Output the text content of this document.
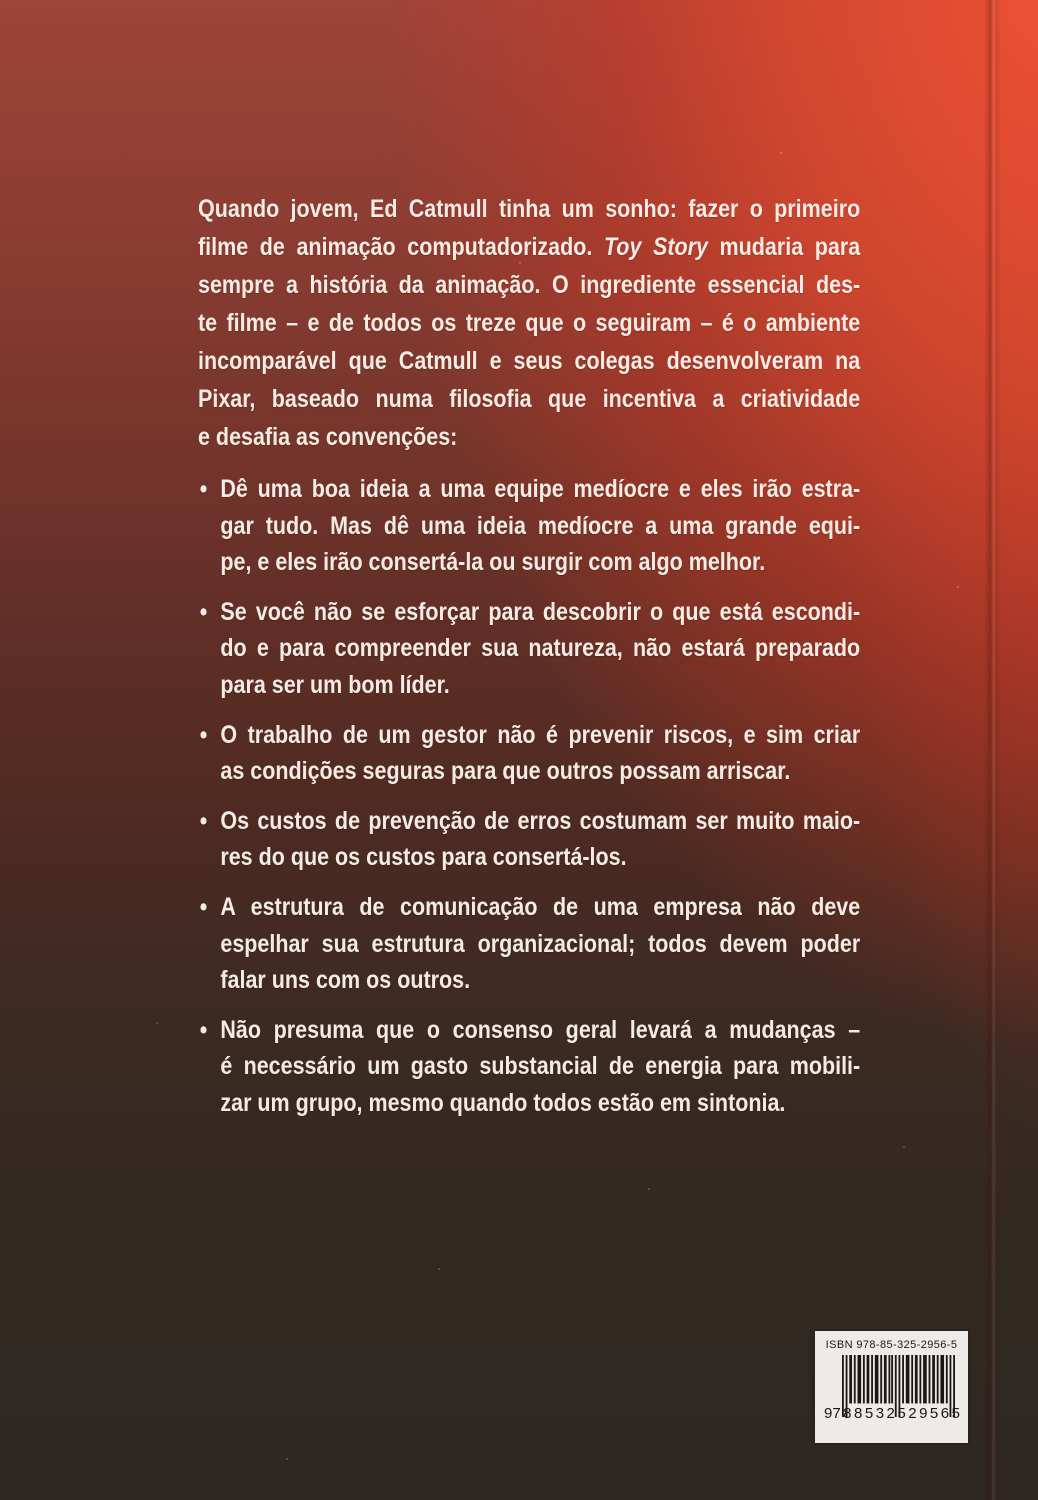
Quando jovem, Ed Catmull tinha um sonho: fazer o primeiro
filme de animação computadorizado. Toy Story mudaria para
sempre a história da animação. O ingrediente essencial des-
te filme – e de todos os treze que o seguiram – é o ambiente
incomparável que Catmull e seus colegas desenvolveram na
Pixar, baseado numa filosofia que incentiva a criatividade
e desafia as convenções:
• Dê uma boa ideia a uma equipe medíocre e eles irão estra-
gar tudo. Mas dê uma ideia medíocre a uma grande equi-
pe, e eles irão consertá-la ou surgir com algo melhor.
• Se você não se esforçar para descobrir o que está escondi-
do e para compreender sua natureza, não estará preparado
para ser um bom líder.
• O trabalho de um gestor não é prevenir riscos, e sim criar
as condições seguras para que outros possam arriscar.
• Os custos de prevenção de erros costumam ser muito maio-
res do que os custos para consertá-los.
• A estrutura de comunicação de uma empresa não deve
espelhar sua estrutura organizacional; todos devem poder
falar uns com os outros.
• Não presuma que o consenso geral levará a mudanças –
é necessário um gasto substancial de energia para mobili-
zar um grupo, mesmo quando todos estão em sintonia.
ISBN 978-85-325-2956-5
9 788532 529565
